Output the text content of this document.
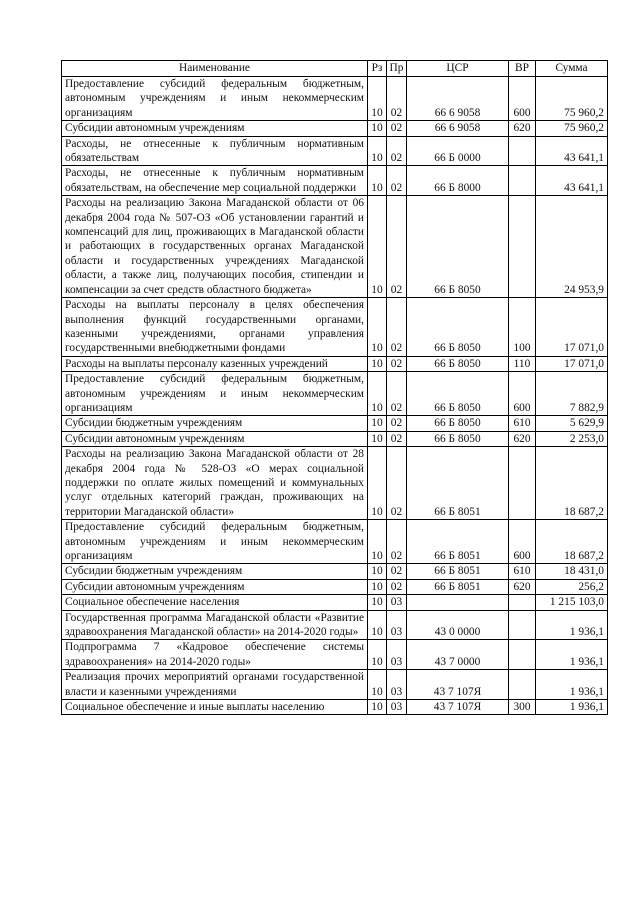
Наименование	Рз	Пр	ЦСР	ВР	Сумма
Предоставление субсидий федеральным бюджетным, автономным учреждениям и иным некоммерческим организациям	10	02	66 6 9058	600	75 960,2
Субсидии автономным учреждениям	10	02	66 6 9058	620	75 960,2
Расходы, не отнесенные к публичным нормативным обязательствам	10	02	66 Б 0000		43 641,1
Расходы, не отнесенные к публичным нормативным обязательствам, на обеспечение мер социальной поддержки	10	02	66 Б 8000		43 641,1
Расходы на реализацию Закона Магаданской области от 06 декабря 2004 года № 507-ОЗ «Об установлении гарантий и компенсаций для лиц, проживающих в Магаданской области и работающих в государственных органах Магаданской области и государственных учреждениях Магаданской области, а также лиц, получающих пособия, стипендии и компенсации за счет средств областного бюджета»	10	02	66 Б 8050		24 953,9
Расходы на выплаты персоналу в целях обеспечения выполнения функций государственными органами, казенными учреждениями, органами управления государственными внебюджетными фондами	10	02	66 Б 8050	100	17 071,0
Расходы на выплаты персоналу казенных учреждений	10	02	66 Б 8050	110	17 071,0
Предоставление субсидий федеральным бюджетным, автономным учреждениям и иным некоммерческим организациям	10	02	66 Б 8050	600	7 882,9
Субсидии бюджетным учреждениям	10	02	66 Б 8050	610	5 629,9
Субсидии автономным учреждениям	10	02	66 Б 8050	620	2 253,0
Расходы на реализацию Закона Магаданской области от 28 декабря 2004 года № 528-ОЗ «О мерах социальной поддержки по оплате жилых помещений и коммунальных услуг отдельных категорий граждан, проживающих на территории Магаданской области»	10	02	66 Б 8051		18 687,2
Предоставление субсидий федеральным бюджетным, автономным учреждениям и иным некоммерческим организациям	10	02	66 Б 8051	600	18 687,2
Субсидии бюджетным учреждениям	10	02	66 Б 8051	610	18 431,0
Субсидии автономным учреждениям	10	02	66 Б 8051	620	256,2
Социальное обеспечение населения	10	03			1 215 103,0
Государственная программа Магаданской области «Развитие здравоохранения Магаданской области» на 2014-2020 годы»	10	03	43 0 0000		1 936,1
Подпрограмма 7 «Кадровое обеспечение системы здравоохранения» на 2014-2020 годы»	10	03	43 7 0000		1 936,1
Реализация прочих мероприятий органами государственной власти и казенными учреждениями	10	03	43 7 107Я		1 936,1
Социальное обеспечение и иные выплаты населению	10	03	43 7 107Я	300	1 936,1
